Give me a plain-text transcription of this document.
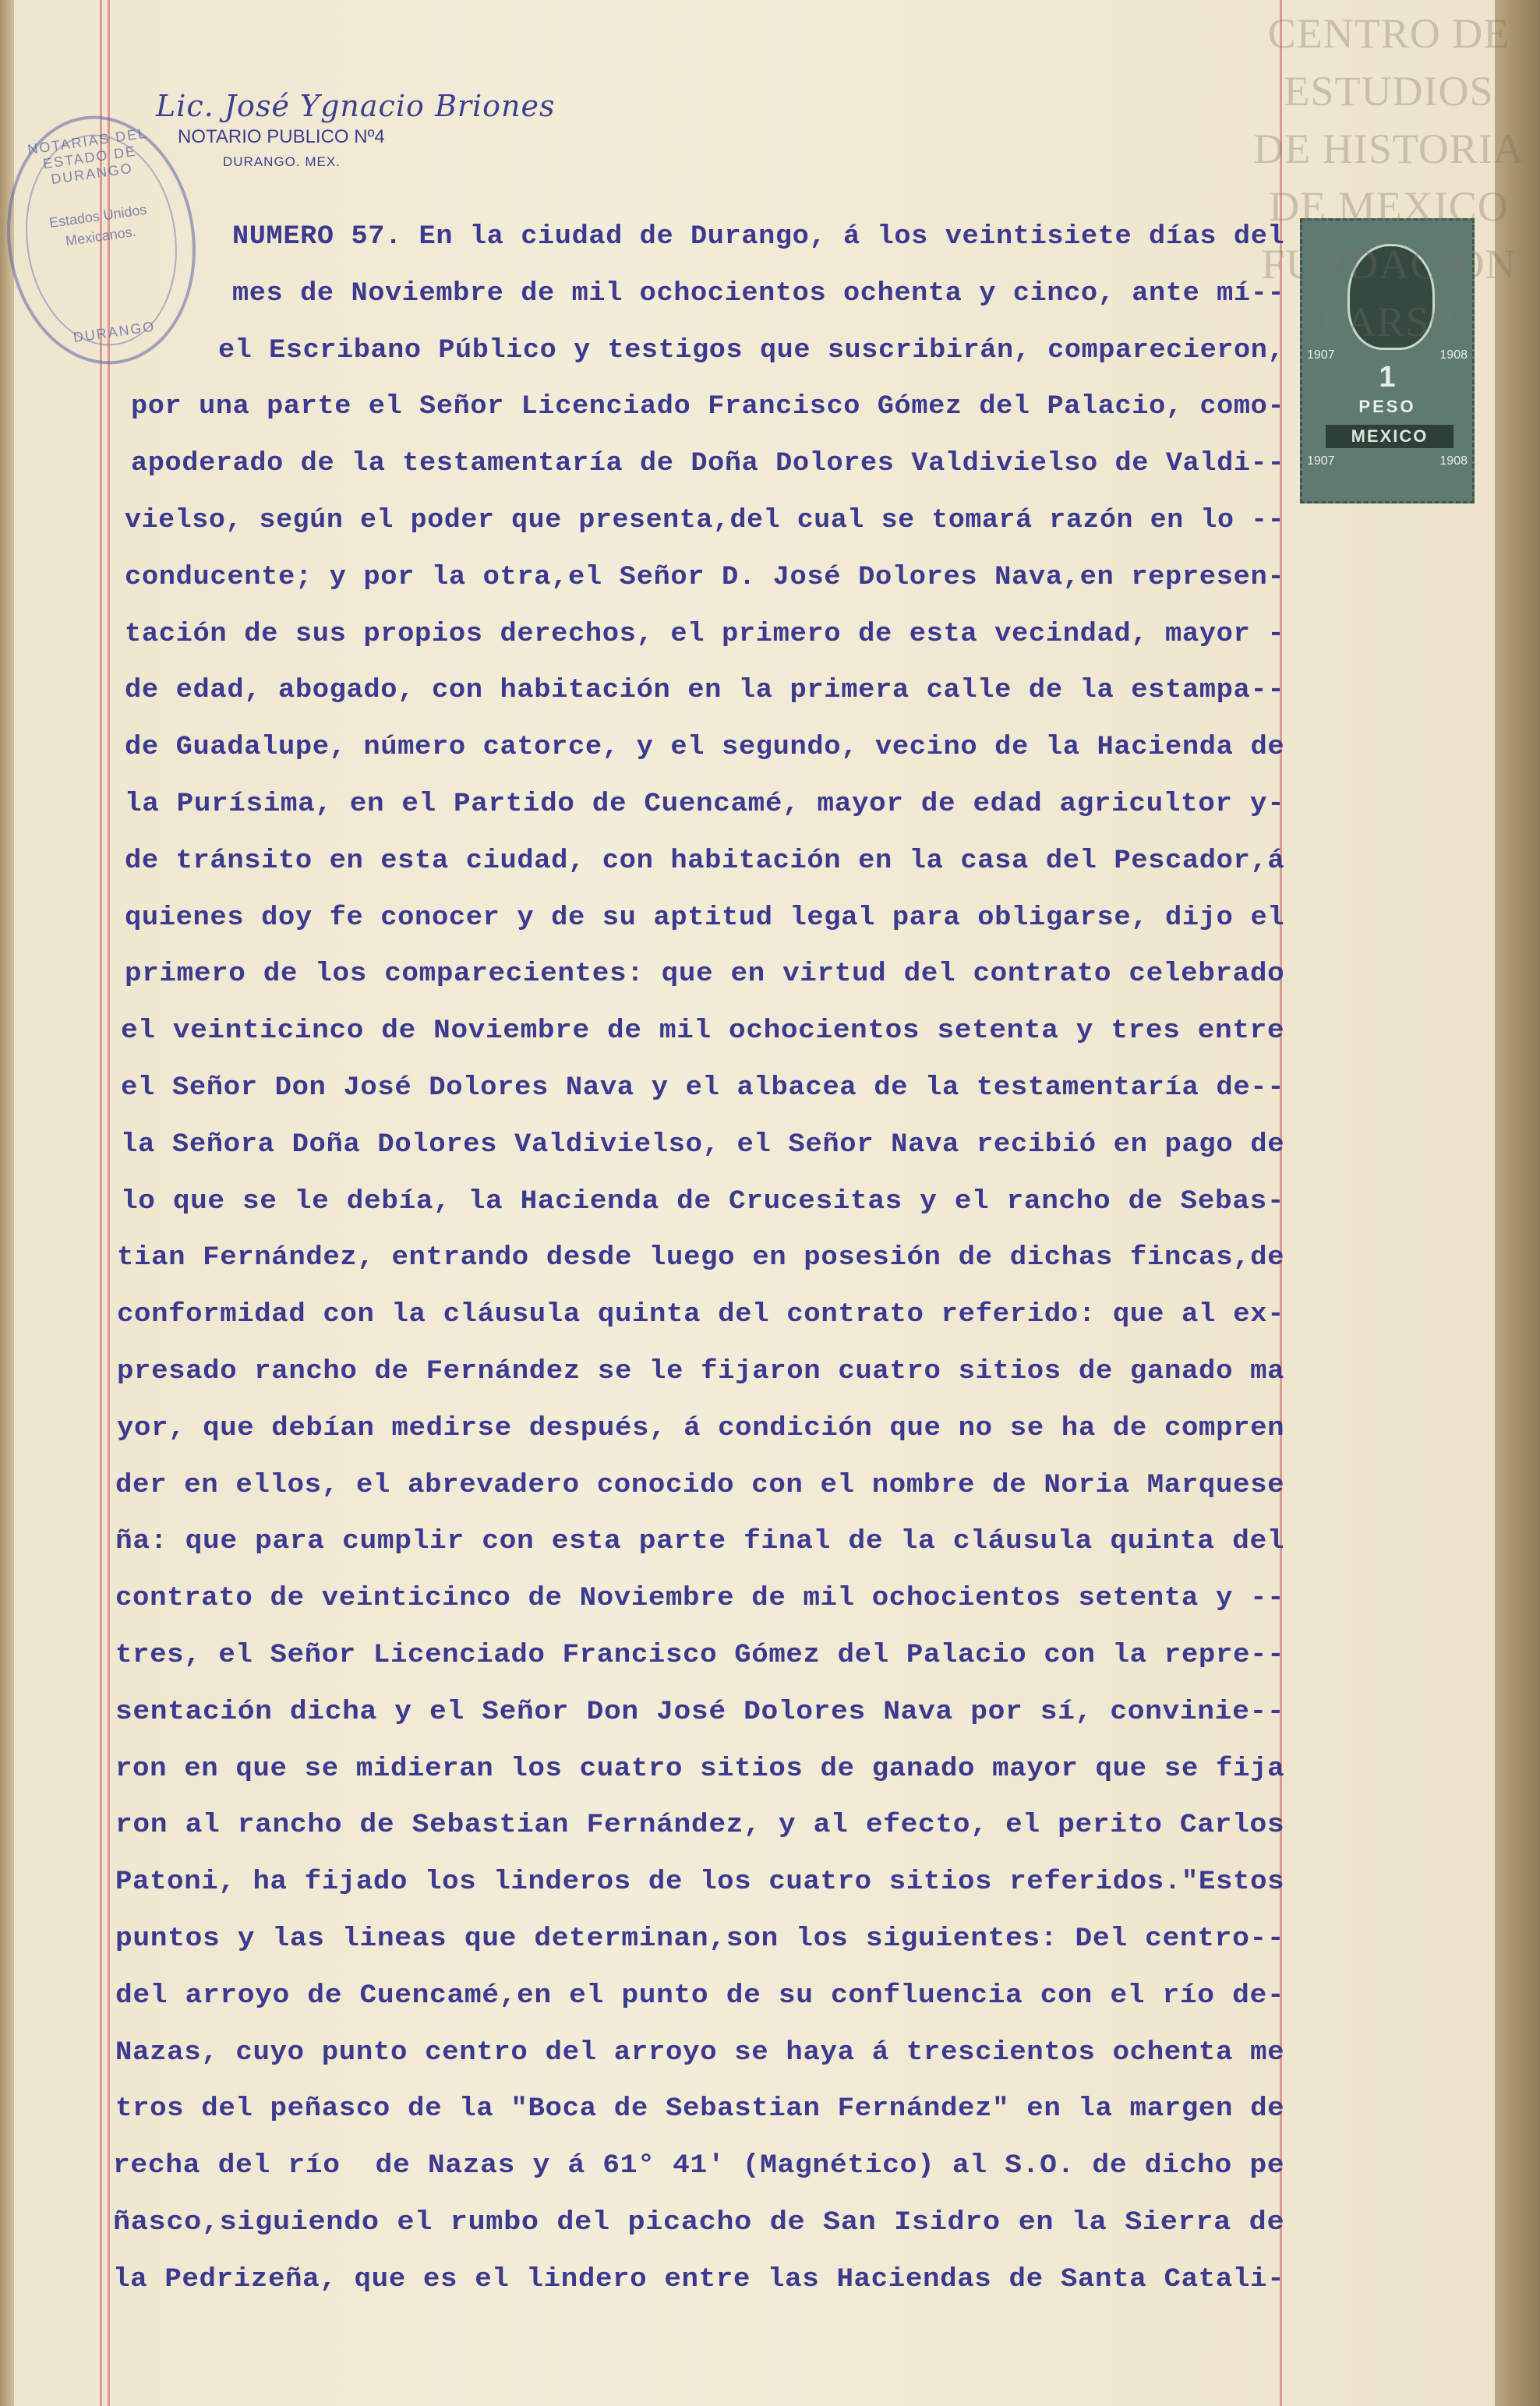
NOTARIAS DEL ESTADO DE DURANGO
Estados Unidos
Mexicanos.
DURANGO
Lic. José Ygnacio Briones
NOTARIO PUBLICO Nº4
DURANGO. MEX.
1907	1908
1
PESO
MEXICO
1907	1908
CENTRO DE
ESTUDIOS
DE HISTORIA
DE MEXICO
FUNDACION
CARSO
NUMERO 57. En la ciudad de Durango, á los veintisiete días del
mes de Noviembre de mil ochocientos ochenta y cinco, ante mí--
el Escribano Público y testigos que suscribirán, comparecieron,
por una parte el Señor Licenciado Francisco Gómez del Palacio, como-
apoderado de la testamentaría de Doña Dolores Valdivielso de Valdi--
vielso, según el poder que presenta,del cual se tomará razón en lo --
conducente; y por la otra,el Señor D. José Dolores Nava,en represen-
tación de sus propios derechos, el primero de esta vecindad, mayor -
de edad, abogado, con habitación en la primera calle de la estampa--
de Guadalupe, número catorce, y el segundo, vecino de la Hacienda de
la Purísima, en el Partido de Cuencamé, mayor de edad agricultor y-
de tránsito en esta ciudad, con habitación en la casa del Pescador,á
quienes doy fe conocer y de su aptitud legal para obligarse, dijo el
primero de los comparecientes: que en virtud del contrato celebrado
el veinticinco de Noviembre de mil ochocientos setenta y tres entre
el Señor Don José Dolores Nava y el albacea de la testamentaría de--
la Señora Doña Dolores Valdivielso, el Señor Nava recibió en pago de
lo que se le debía, la Hacienda de Crucesitas y el rancho de Sebas-
tian Fernández, entrando desde luego en posesión de dichas fincas,de
conformidad con la cláusula quinta del contrato referido: que al ex-
presado rancho de Fernández se le fijaron cuatro sitios de ganado ma
yor, que debían medirse después, á condición que no se ha de compren
der en ellos, el abrevadero conocido con el nombre de Noria Marquese
ña: que para cumplir con esta parte final de la cláusula quinta del
contrato de veinticinco de Noviembre de mil ochocientos setenta y --
tres, el Señor Licenciado Francisco Gómez del Palacio con la repre--
sentación dicha y el Señor Don José Dolores Nava por sí, convinie--
ron en que se midieran los cuatro sitios de ganado mayor que se fija
ron al rancho de Sebastian Fernández, y al efecto, el perito Carlos
Patoni, ha fijado los linderos de los cuatro sitios referidos."Estos
puntos y las lineas que determinan,son los siguientes: Del centro--
del arroyo de Cuencamé,en el punto de su confluencia con el río de-
Nazas, cuyo punto centro del arroyo se haya á trescientos ochenta me
tros del peñasco de la "Boca de Sebastian Fernández" en la margen de
recha del río  de Nazas y á 61° 41' (Magnético) al S.O. de dicho pe
ñasco,siguiendo el rumbo del picacho de San Isidro en la Sierra de
la Pedrizeña, que es el lindero entre las Haciendas de Santa Catali-
